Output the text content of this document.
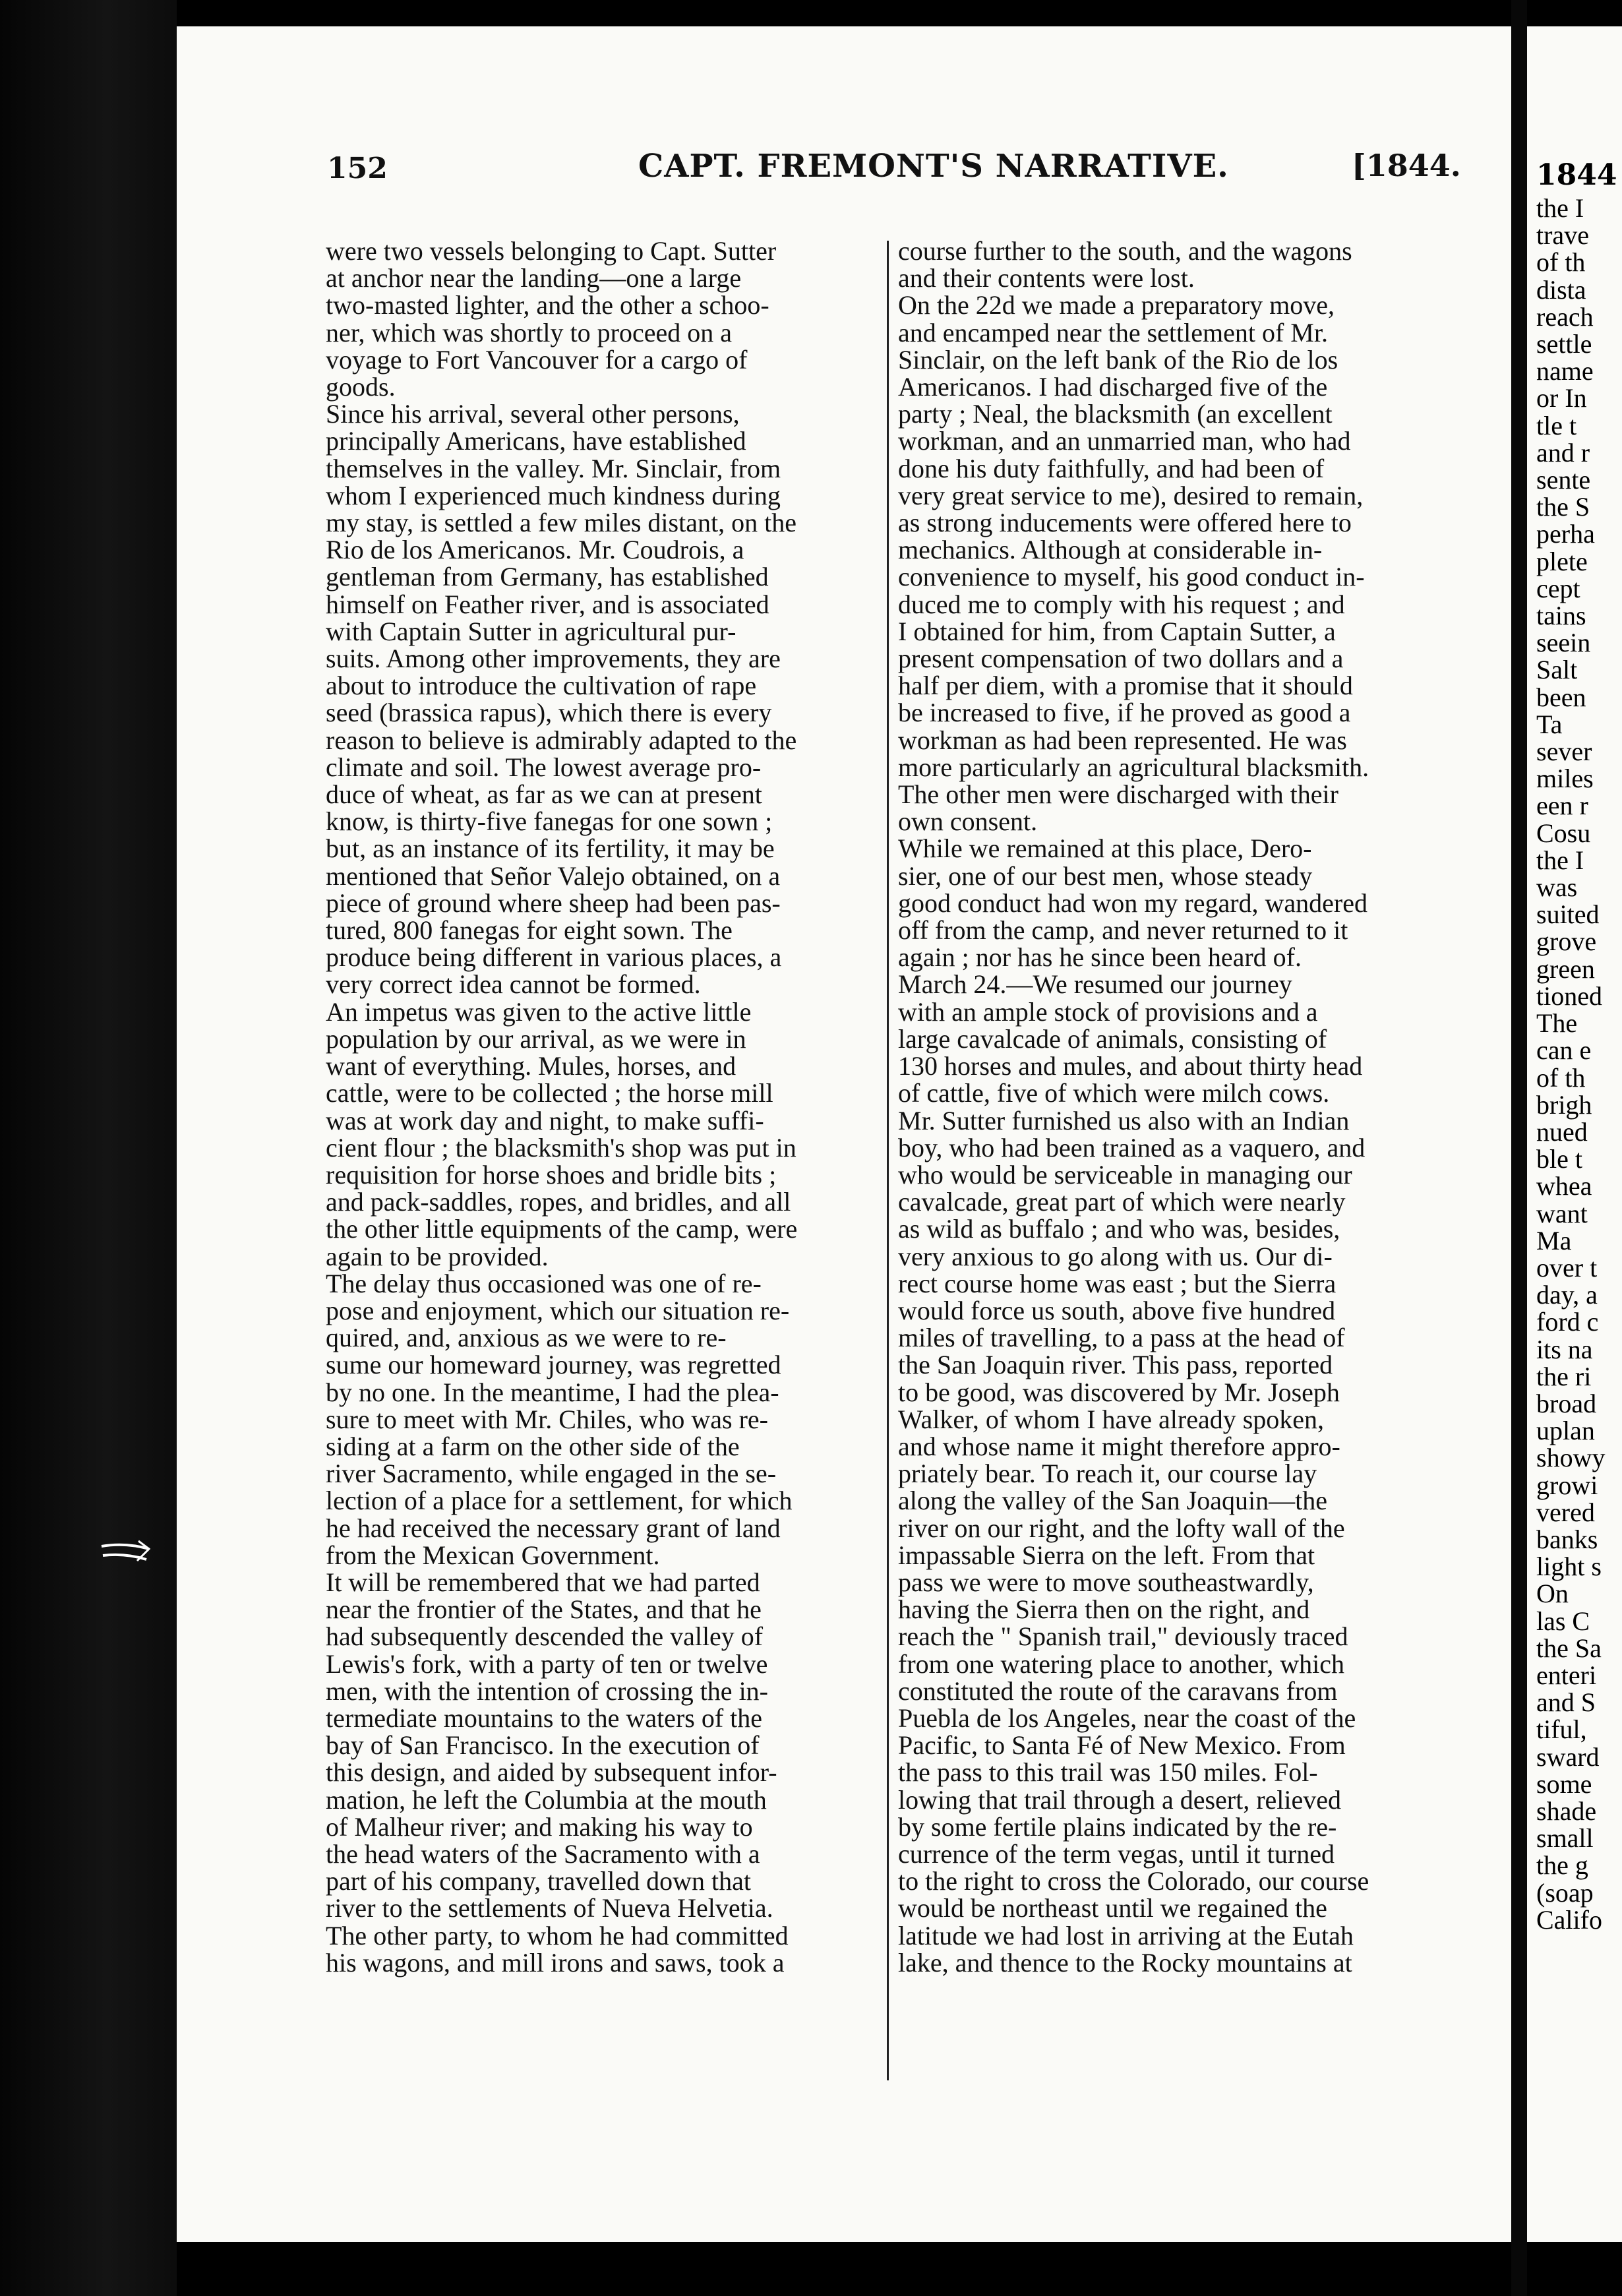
152	CAPT. FREMONT'S NARRATIVE.	[1844.
were two vessels belonging to Capt. Sutter
at anchor near the landing—one a large
two-masted lighter, and the other a schoo-
ner, which was shortly to proceed on a
voyage to Fort Vancouver for a cargo of
goods.
Since his arrival, several other persons,
principally Americans, have established
themselves in the valley. Mr. Sinclair, from
whom I experienced much kindness during
my stay, is settled a few miles distant, on the
Rio de los Americanos. Mr. Coudrois, a
gentleman from Germany, has established
himself on Feather river, and is associated
with Captain Sutter in agricultural pur-
suits. Among other improvements, they are
about to introduce the cultivation of rape
seed (brassica rapus), which there is every
reason to believe is admirably adapted to the
climate and soil. The lowest average pro-
duce of wheat, as far as we can at present
know, is thirty-five fanegas for one sown ;
but, as an instance of its fertility, it may be
mentioned that Señor Valejo obtained, on a
piece of ground where sheep had been pas-
tured, 800 fanegas for eight sown. The
produce being different in various places, a
very correct idea cannot be formed.
An impetus was given to the active little
population by our arrival, as we were in
want of everything. Mules, horses, and
cattle, were to be collected ; the horse mill
was at work day and night, to make suffi-
cient flour ; the blacksmith's shop was put in
requisition for horse shoes and bridle bits ;
and pack-saddles, ropes, and bridles, and all
the other little equipments of the camp, were
again to be provided.
The delay thus occasioned was one of re-
pose and enjoyment, which our situation re-
quired, and, anxious as we were to re-
sume our homeward journey, was regretted
by no one. In the meantime, I had the plea-
sure to meet with Mr. Chiles, who was re-
siding at a farm on the other side of the
river Sacramento, while engaged in the se-
lection of a place for a settlement, for which
he had received the necessary grant of land
from the Mexican Government.
It will be remembered that we had parted
near the frontier of the States, and that he
had subsequently descended the valley of
Lewis's fork, with a party of ten or twelve
men, with the intention of crossing the in-
termediate mountains to the waters of the
bay of San Francisco. In the execution of
this design, and aided by subsequent infor-
mation, he left the Columbia at the mouth
of Malheur river; and making his way to
the head waters of the Sacramento with a
part of his company, travelled down that
river to the settlements of Nueva Helvetia.
The other party, to whom he had committed
his wagons, and mill irons and saws, took a
course further to the south, and the wagons
and their contents were lost.
On the 22d we made a preparatory move,
and encamped near the settlement of Mr.
Sinclair, on the left bank of the Rio de los
Americanos. I had discharged five of the
party ; Neal, the blacksmith (an excellent
workman, and an unmarried man, who had
done his duty faithfully, and had been of
very great service to me), desired to remain,
as strong inducements were offered here to
mechanics. Although at considerable in-
convenience to myself, his good conduct in-
duced me to comply with his request ; and
I obtained for him, from Captain Sutter, a
present compensation of two dollars and a
half per diem, with a promise that it should
be increased to five, if he proved as good a
workman as had been represented. He was
more particularly an agricultural blacksmith.
The other men were discharged with their
own consent.
While we remained at this place, Dero-
sier, one of our best men, whose steady
good conduct had won my regard, wandered
off from the camp, and never returned to it
again ; nor has he since been heard of.
March 24.—We resumed our journey
with an ample stock of provisions and a
large cavalcade of animals, consisting of
130 horses and mules, and about thirty head
of cattle, five of which were milch cows.
Mr. Sutter furnished us also with an Indian
boy, who had been trained as a vaquero, and
who would be serviceable in managing our
cavalcade, great part of which were nearly
as wild as buffalo ; and who was, besides,
very anxious to go along with us. Our di-
rect course home was east ; but the Sierra
would force us south, above five hundred
miles of travelling, to a pass at the head of
the San Joaquin river. This pass, reported
to be good, was discovered by Mr. Joseph
Walker, of whom I have already spoken,
and whose name it might therefore appro-
priately bear. To reach it, our course lay
along the valley of the San Joaquin—the
river on our right, and the lofty wall of the
impassable Sierra on the left. From that
pass we were to move southeastwardly,
having the Sierra then on the right, and
reach the " Spanish trail," deviously traced
from one watering place to another, which
constituted the route of the caravans from
Puebla de los Angeles, near the coast of the
Pacific, to Santa Fé of New Mexico. From
the pass to this trail was 150 miles. Fol-
lowing that trail through a desert, relieved
by some fertile plains indicated by the re-
currence of the term vegas, until it turned
to the right to cross the Colorado, our course
would be northeast until we regained the
latitude we had lost in arriving at the Eutah
lake, and thence to the Rocky mountains at
1844
the I
trave
of th
dista
reach
settle
name
or In
tle t
and r
sente
the S
perha
plete
cept
tains
seein
Salt
been
Ta
sever
miles
een r
Cosu
the I
was
suited
grove
green
tioned
The
can e
of th
brigh
nued
ble t
whea
want
Ma
over t
day, a
ford c
its na
the ri
broad
uplan
showy
growi
vered
banks
light s
On
las C
the Sa
enteri
and S
tiful,
sward
some
shade
small
the g
(soap
Califo
